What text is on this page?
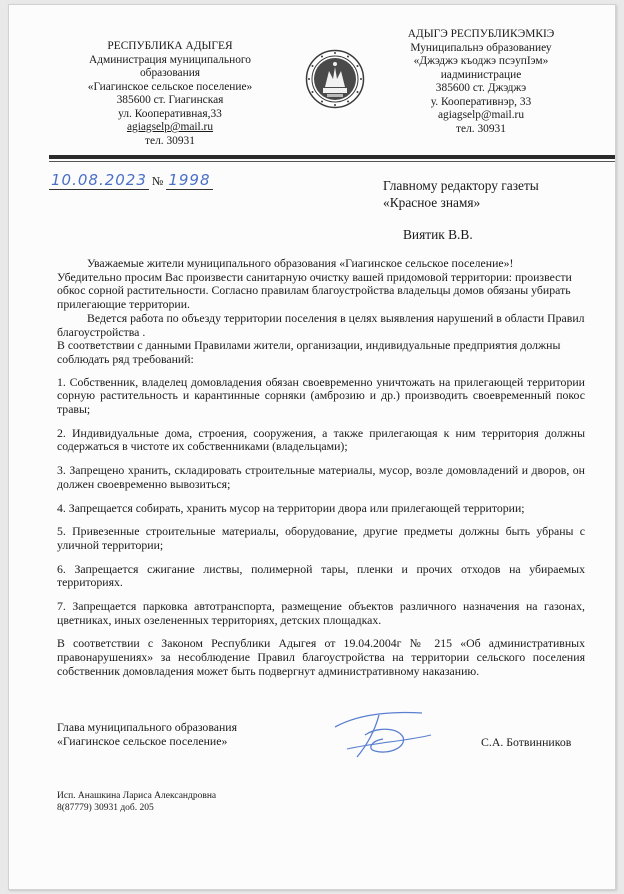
РЕСПУБЛИКА АДЫГЕЯ
Администрация муниципального
образования
«Гиагинское сельское поселение»
385600 ст. Гиагинская
ул. Кооперативная,33
agiagselp@mail.ru
тел. 30931
АДЫГЭ РЕСПУБЛИКЭМКIЭ
Муниципальнэ образованиеу
«Джэджэ къоджэ псэупIэм»
иадминистрацие
385600 ст. Джэджэ
у. Кооперативнэр, 33
agiagselp@mail.ru
тел. 30931
10.08.2023 № 1998	Главному редактору газеты
«Красное знамя»
Виятик В.В.

Уважаемые жители муниципального образования «Гиагинское сельское поселение»!

Убедительно просим Вас произвести санитарную очистку вашей придомовой территории: произвести обкос сорной растительности. Согласно правилам благоустройства владельцы домов обязаны убирать прилегающие территории.

Ведется работа по объезду территории поселения в целях выявления нарушений в области Правил благоустройства .

В соответствии с данными Правилами жители, организации, индивидуальные предприятия должны соблюдать ряд требований:

1. Собственник, владелец домовладения обязан своевременно уничтожать на прилегающей территории сорную растительность и карантинные сорняки (амброзию и др.) производить своевременный покос травы;

2. Индивидуальные дома, строения, сооружения, а также прилегающая к ним территория должны содержаться в чистоте их собственниками (владельцами);

3. Запрещено хранить, складировать строительные материалы, мусор, возле домовладений и дворов, он должен своевременно вывозиться;

4. Запрещается собирать, хранить мусор на территории двора или прилегающей территории;

5. Привезенные строительные материалы, оборудование, другие предметы должны быть убраны с уличной территории;

6. Запрещается сжигание листвы, полимерной тары, пленки и прочих отходов на убираемых территориях.

7. Запрещается парковка автотранспорта, размещение объектов различного назначения на газонах, цветниках, иных озелененных территориях, детских площадках.

В соответствии с Законом Республики Адыгея от 19.04.2004г № 215 «Об административных правонарушениях» за несоблюдение Правил благоустройства на территории сельского поселения собственник домовладения может быть подвергнут административному наказанию.

Глава муниципального образования
«Гиагинское сельское поселение»	С.А. Ботвинников
Исп. Анашкина Лариса Александровна
8(87779) 30931 доб. 205
